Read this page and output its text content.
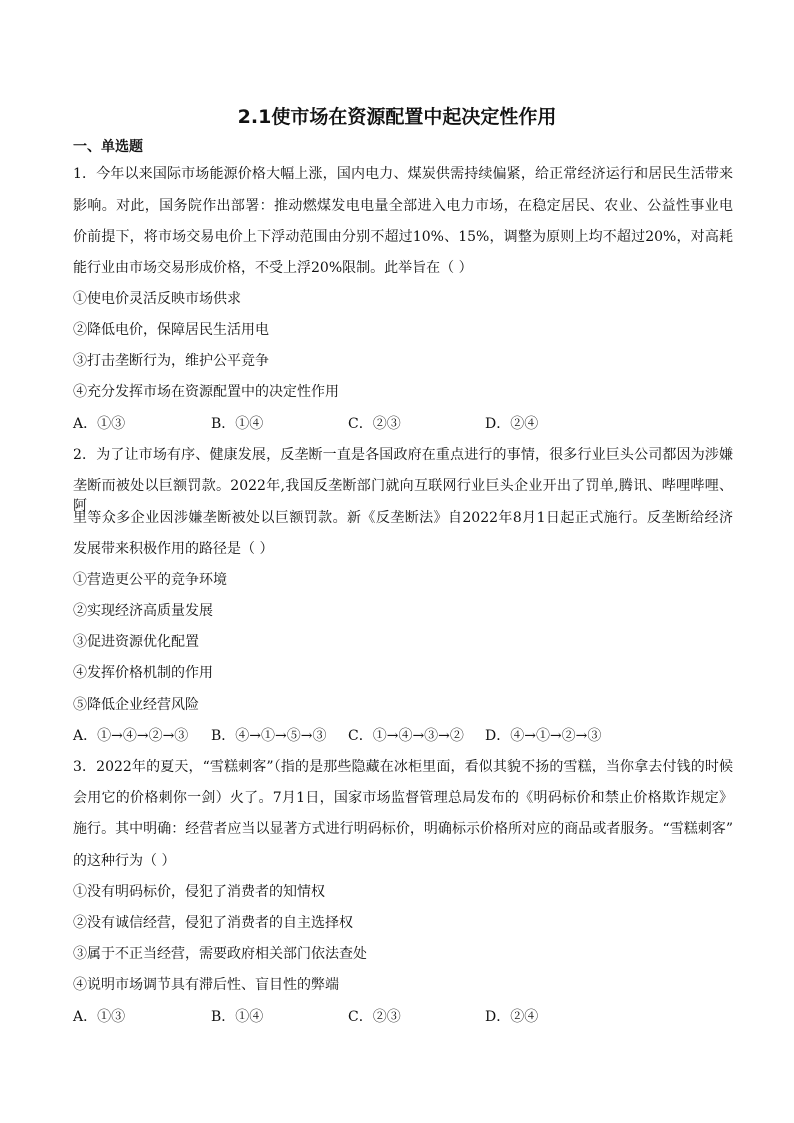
2.1使市场在资源配置中起决定性作用
一、单选题

1．今年以来国际市场能源价格大幅上涨，国内电力、煤炭供需持续偏紧，给正常经济运行和居民生活带来

影响。对此，国务院作出部署：推动燃煤发电电量全部进入电力市场，在稳定居民、农业、公益性事业电

价前提下，将市场交易电价上下浮动范围由分别不超过10%、15%，调整为原则上均不超过20%，对高耗

能行业由市场交易形成价格，不受上浮20%限制。此举旨在（ ）

①使电价灵活反映市场供求

②降低电价，保障居民生活用电

③打击垄断行为，维护公平竞争

④充分发挥市场在资源配置中的决定性作用

A．①③	B．①④	C．②③	D．②④

2．为了让市场有序、健康发展，反垄断一直是各国政府在重点进行的事情，很多行业巨头公司都因为涉嫌

垄断而被处以巨额罚款。2022年,我国反垄断部门就向互联网行业巨头企业开出了罚单,腾讯、哔哩哔哩、阿

里等众多企业因涉嫌垄断被处以巨额罚款。新《反垄断法》自2022年8月1日起正式施行。反垄断给经济

发展带来积极作用的路径是（ ）

①营造更公平的竞争环境

②实现经济高质量发展

③促进资源优化配置

④发挥价格机制的作用

⑤降低企业经营风险

A．①→④→②→③ B．④→①→⑤→③ C．①→④→③→② D．④→①→②→③

3．2022年的夏天，“雪糕刺客”（指的是那些隐藏在冰柜里面，看似其貌不扬的雪糕，当你拿去付钱的时候

会用它的价格刺你一剑）火了。7月1日，国家市场监督管理总局发布的《明码标价和禁止价格欺诈规定》

施行。其中明确：经营者应当以显著方式进行明码标价，明确标示价格所对应的商品或者服务。“雪糕刺客”

的这种行为（ ）

①没有明码标价，侵犯了消费者的知情权

②没有诚信经营，侵犯了消费者的自主选择权

③属于不正当经营，需要政府相关部门依法查处

④说明市场调节具有滞后性、盲目性的弊端

A．①③	B．①④	C．②③	D．②④
